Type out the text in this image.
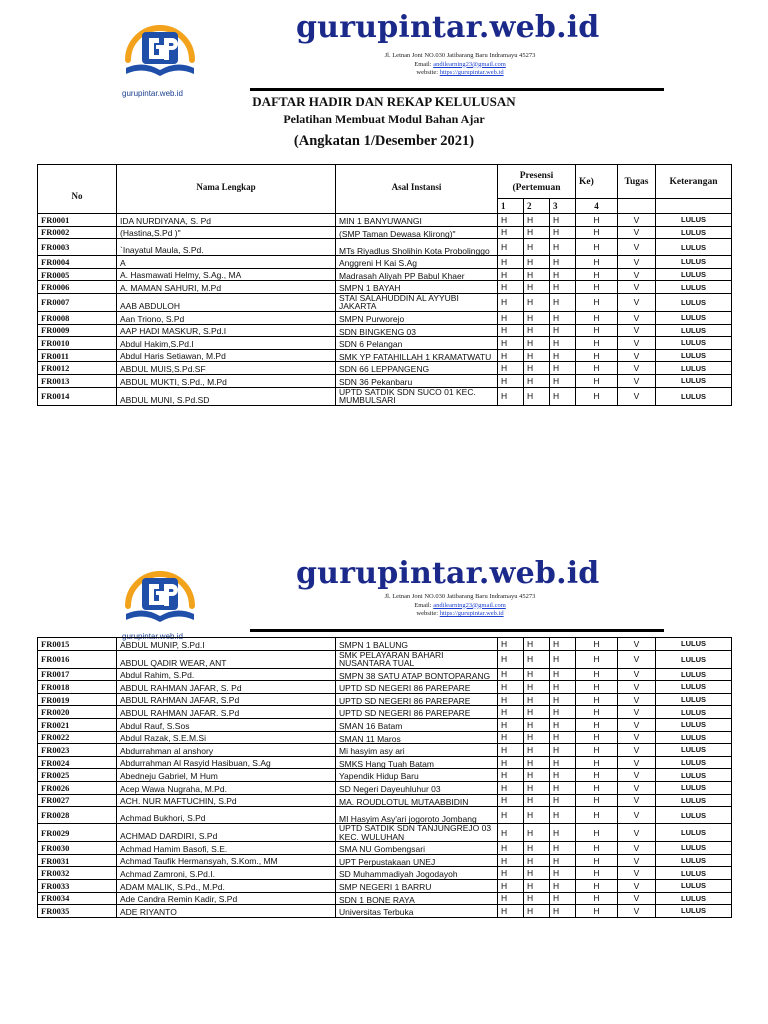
gurupintar.web.id
gurupintar.web.id
Jl. Letnan Joni NO.030 Jatibarang Baru Indramayu 45273
Email: andilearning23@gmail.com
website: https://gurupintar.web.id
DAFTAR HADIR DAN REKAP KELULUSAN
Pelatihan Membuat Modul Bahan Ajar
(Angkatan 1/Desember 2021)
No	Nama Lengkap	Asal Instansi	Presensi (Pertemuan			Ke)	Tugas	Keterangan
			1	2	3	4		
FR0001	IDA NURDIYANA, S. Pd	MIN 1 BANYUWANGI	H	H	H	H	V	LULUS
FR0002	(Hastina,S.Pd )"	(SMP Taman Dewasa Klirong)"	H	H	H	H	V	LULUS
FR0003	`Inayatul Maula, S.Pd.	MTs Riyadlus Sholihin Kota Probolinggo	H	H	H	H	V	LULUS
FR0004	A	Anggreni H Kai S.Ag	H	H	H	H	V	LULUS
FR0005	A. Hasmawati Helmy, S.Ag., MA	Madrasah Aliyah PP Babul Khaer	H	H	H	H	V	LULUS
FR0006	A. MAMAN SAHURI, M.Pd	SMPN 1 BAYAH	H	H	H	H	V	LULUS
FR0007	AAB ABDULOH	STAI SALAHUDDIN AL AYYUBI JAKARTA	H	H	H	H	V	LULUS
FR0008	Aan Triono, S.Pd	SMPN Purworejo	H	H	H	H	V	LULUS
FR0009	AAP HADI MASKUR, S.Pd.I	SDN BINGKENG 03	H	H	H	H	V	LULUS
FR0010	Abdul Hakim,S.Pd.I	SDN 6 Pelangan	H	H	H	H	V	LULUS
FR0011	Abdul Haris Setiawan, M.Pd	SMK YP FATAHILLAH 1 KRAMATWATU	H	H	H	H	V	LULUS
FR0012	ABDUL MUIS,S.Pd.SF	SDN 66 LEPPANGENG	H	H	H	H	V	LULUS
FR0013	ABDUL MUKTI, S.Pd., M.Pd	SDN 36 Pekanbaru	H	H	H	H	V	LULUS
FR0014	ABDUL MUNI, S.Pd.SD	UPTD SATDIK SDN SUCO 01 KEC. MUMBULSARI	H	H	H	H	V	LULUS
gurupintar.web.id
gurupintar.web.id
Jl. Letnan Joni NO.030 Jatibarang Baru Indramayu 45273
Email: andilearning23@gmail.com
website: https://gurupintar.web.id
FR0015	ABDUL MUNIP, S.Pd.I	SMPN 1 BALUNG	H	H	H	H	V	LULUS
FR0016	ABDUL QADIR WEAR, ANT	SMK PELAYARAN BAHARI NUSANTARA TUAL	H	H	H	H	V	LULUS
FR0017	Abdul Rahim, S.Pd.	SMPN 38 SATU ATAP BONTOPARANG	H	H	H	H	V	LULUS
FR0018	ABDUL RAHMAN JAFAR, S. Pd	UPTD SD NEGERI 86 PAREPARE	H	H	H	H	V	LULUS
FR0019	ABDUL RAHMAN JAFAR, S.Pd	UPTD SD NEGERI 86 PAREPARE	H	H	H	H	V	LULUS
FR0020	ABDUL RAHMAN JAFAR. S.Pd	UPTD SD NEGERI 86 PAREPARE	H	H	H	H	V	LULUS
FR0021	Abdul Rauf, S.Sos	SMAN 16 Batam	H	H	H	H	V	LULUS
FR0022	Abdul Razak, S.E.M.Si	SMAN 11 Maros	H	H	H	H	V	LULUS
FR0023	Abdurrahman al anshory	Mi hasyim asy ari	H	H	H	H	V	LULUS
FR0024	Abdurrahman Al Rasyid Hasibuan, S.Ag	SMKS Hang Tuah Batam	H	H	H	H	V	LULUS
FR0025	Abedneju Gabriel, M Hum	Yapendik Hidup Baru	H	H	H	H	V	LULUS
FR0026	Acep Wawa Nugraha, M.Pd.	SD Negeri Dayeuhluhur 03	H	H	H	H	V	LULUS
FR0027	ACH. NUR MAFTUCHIN, S.Pd	MA. ROUDLOTUL MUTAABBIDIN	H	H	H	H	V	LULUS
FR0028	Achmad Bukhori, S.Pd	MI Hasyim Asy'ari jogoroto Jombang	H	H	H	H	V	LULUS
FR0029	ACHMAD DARDIRI, S.Pd	UPTD SATDIK SDN TANJUNGREJO 03 KEC. WULUHAN	H	H	H	H	V	LULUS
FR0030	Achmad Hamim Basofi, S.E.	SMA NU Gombengsari	H	H	H	H	V	LULUS
FR0031	Achmad Taufik Hermansyah, S.Kom., MM	UPT Perpustakaan UNEJ	H	H	H	H	V	LULUS
FR0032	Achmad Zamroni, S.Pd.I.	SD Muhammadiyah Jogodayoh	H	H	H	H	V	LULUS
FR0033	ADAM MALIK, S.Pd., M.Pd.	SMP NEGERI 1 BARRU	H	H	H	H	V	LULUS
FR0034	Ade Candra Remin Kadir, S.Pd	SDN 1 BONE RAYA	H	H	H	H	V	LULUS
FR0035	ADE RIYANTO	Universitas Terbuka	H	H	H	H	V	LULUS
